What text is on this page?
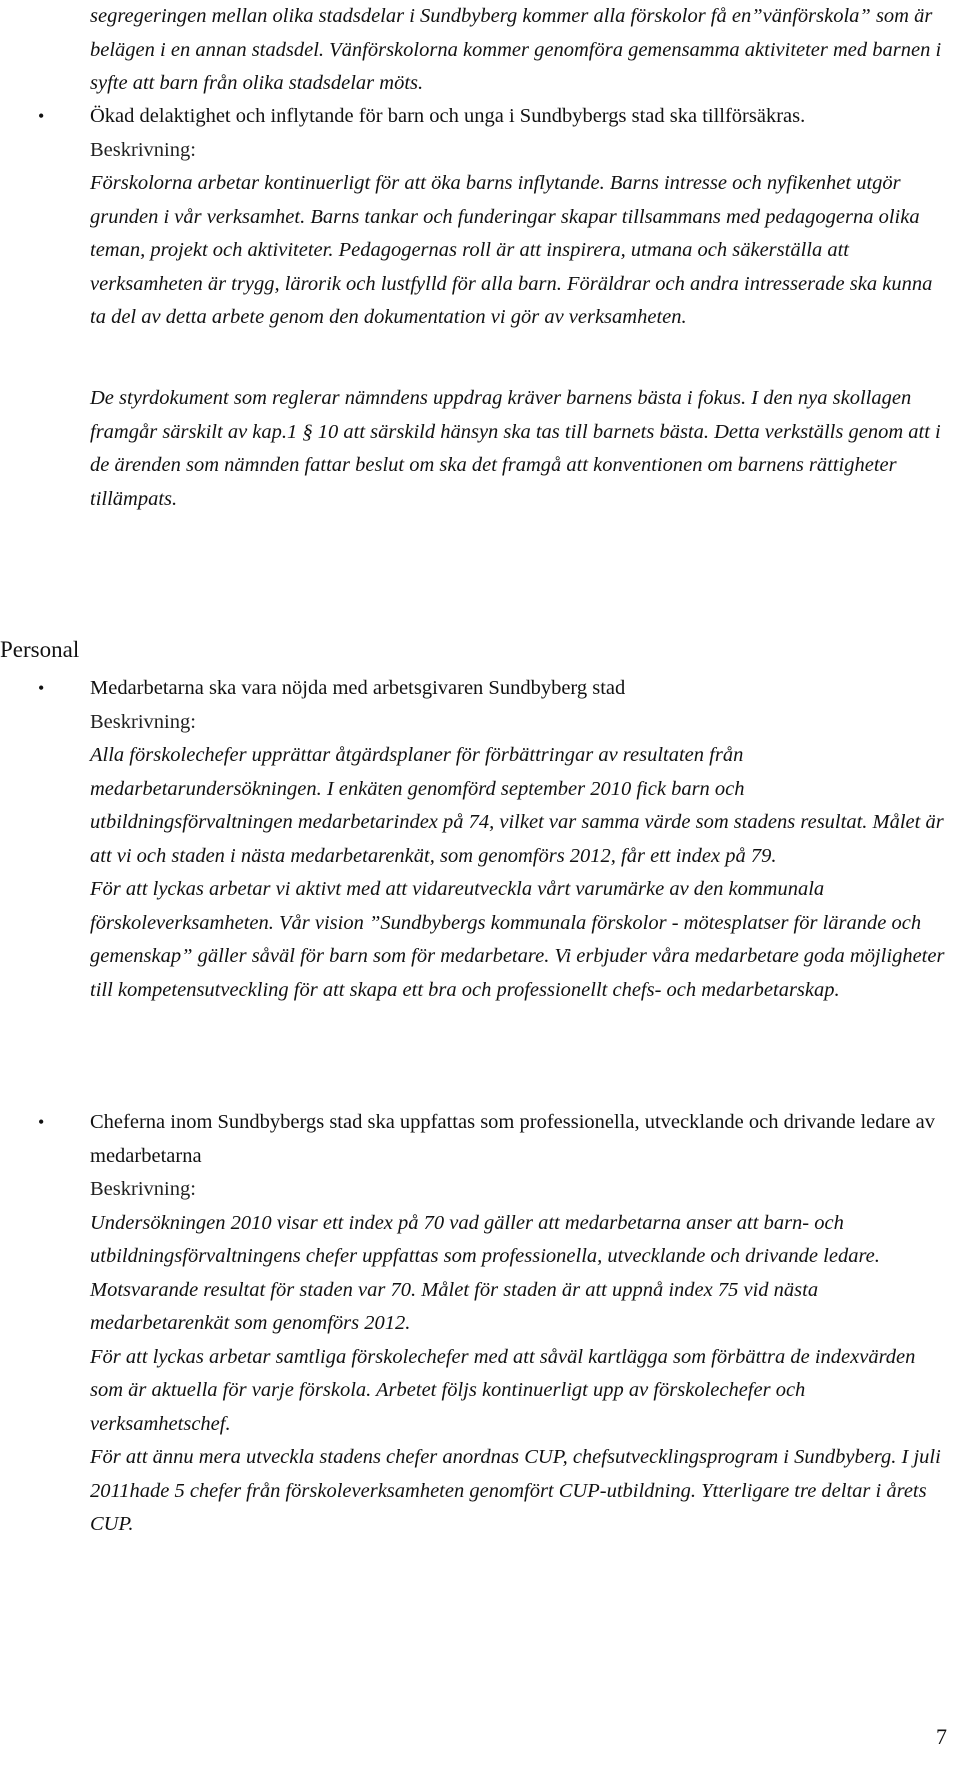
segregeringen mellan olika stadsdelar i Sundbyberg kommer alla förskolor få en”vänförskola” som är belägen i en annan stadsdel. Vänförskolorna kommer genomföra gemensamma aktiviteter med barnen i syfte att barn från olika stadsdelar möts.

• Ökad delaktighet och inflytande för barn och unga i Sundbybergs stad ska tillförsäkras.

Beskrivning:

Förskolorna arbetar kontinuerligt för att öka barns inflytande. Barns intresse och nyfikenhet utgör grunden i vår verksamhet. Barns tankar och funderingar skapar tillsammans med pedagogerna olika teman, projekt och aktiviteter. Pedagogernas roll är att inspirera, utmana och säkerställa att verksamheten är trygg, lärorik och lustfylld för alla barn. Föräldrar och andra intresserade ska kunna ta del av detta arbete genom den dokumentation vi gör av verksamheten.

De styrdokument som reglerar nämndens uppdrag kräver barnens bästa i fokus. I den nya skollagen framgår särskilt av kap.1 § 10 att särskild hänsyn ska tas till barnets bästa. Detta verkställs genom att i de ärenden som nämnden fattar beslut om ska det framgå att konventionen om barnens rättigheter tillämpats.

Personal

• Medarbetarna ska vara nöjda med arbetsgivaren Sundbyberg stad

Beskrivning:

Alla förskolechefer upprättar åtgärdsplaner för förbättringar av resultaten från medarbetarundersökningen. I enkäten genomförd september 2010 fick barn och utbildningsförvaltningen medarbetarindex på 74, vilket var samma värde som stadens resultat. Målet är att vi och staden i nästa medarbetarenkät, som genomförs 2012, får ett index på 79.

För att lyckas arbetar vi aktivt med att vidareutveckla vårt varumärke av den kommunala förskoleverksamheten. Vår vision ”Sundbybergs kommunala förskolor - mötesplatser för lärande och gemenskap” gäller såväl för barn som för medarbetare. Vi erbjuder våra medarbetare goda möjligheter till kompetensutveckling för att skapa ett bra och professionellt chefs- och medarbetarskap.

• Cheferna inom Sundbybergs stad ska uppfattas som professionella, utvecklande och drivande ledare av medarbetarna

Beskrivning:

Undersökningen 2010 visar ett index på 70 vad gäller att medarbetarna anser att barn- och utbildningsförvaltningens chefer uppfattas som professionella, utvecklande och drivande ledare. Motsvarande resultat för staden var 70. Målet för staden är att uppnå index 75 vid nästa medarbetarenkät som genomförs 2012.

För att lyckas arbetar samtliga förskolechefer med att såväl kartlägga som förbättra de indexvärden som är aktuella för varje förskola. Arbetet följs kontinuerligt upp av förskolechefer och verksamhetschef.

För att ännu mera utveckla stadens chefer anordnas CUP, chefsutvecklingsprogram i Sundbyberg. I juli 2011hade 5 chefer från förskoleverksamheten genomfört CUP-utbildning. Ytterligare tre deltar i årets CUP.

7
